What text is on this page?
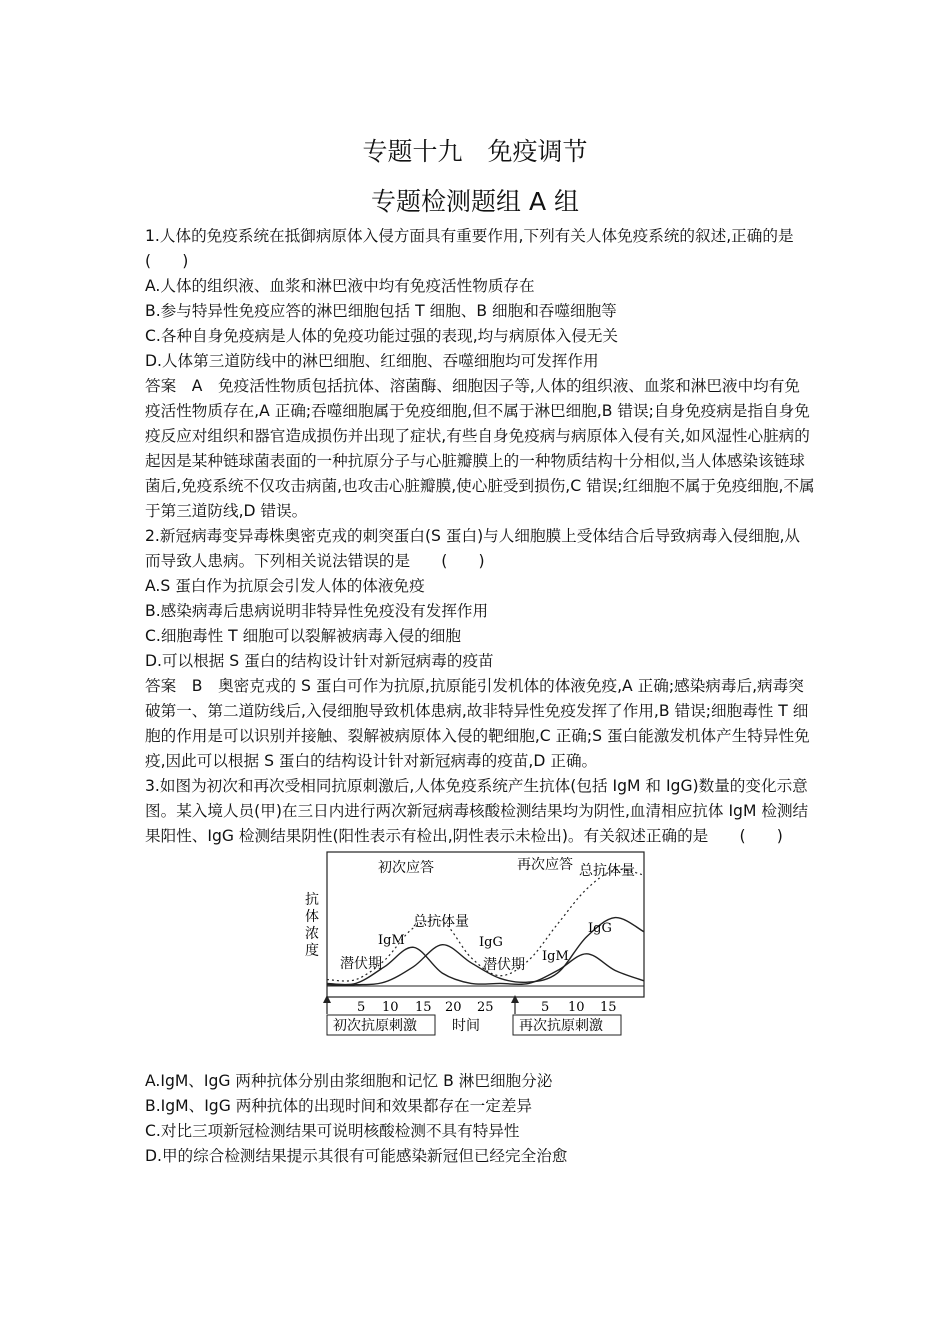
专题十九　免疫调节
专题检测题组 A 组

1.人体的免疫系统在抵御病原体入侵方面具有重要作用,下列有关人体免疫系统的叙述,正确的是　　(　　)

A.人体的组织液、血浆和淋巴液中均有免疫活性物质存在

B.参与特异性免疫应答的淋巴细胞包括 T 细胞、B 细胞和吞噬细胞等

C.各种自身免疫病是人体的免疫功能过强的表现,均与病原体入侵无关

D.人体第三道防线中的淋巴细胞、红细胞、吞噬细胞均可发挥作用

答案　A　免疫活性物质包括抗体、溶菌酶、细胞因子等,人体的组织液、血浆和淋巴液中均有免疫活性物质存在,A 正确;吞噬细胞属于免疫细胞,但不属于淋巴细胞,B 错误;自身免疫病是指自身免疫反应对组织和器官造成损伤并出现了症状,有些自身免疫病与病原体入侵有关,如风湿性心脏病的起因是某种链球菌表面的一种抗原分子与心脏瓣膜上的一种物质结构十分相似,当人体感染该链球菌后,免疫系统不仅攻击病菌,也攻击心脏瓣膜,使心脏受到损伤,C 错误;红细胞不属于免疫细胞,不属于第三道防线,D 错误。

2.新冠病毒变异毒株奥密克戎的刺突蛋白(S 蛋白)与人细胞膜上受体结合后导致病毒入侵细胞,从而导致人患病。下列相关说法错误的是　　(　　)

A.S 蛋白作为抗原会引发人体的体液免疫

B.感染病毒后患病说明非特异性免疫没有发挥作用

C.细胞毒性 T 细胞可以裂解被病毒入侵的细胞

D.可以根据 S 蛋白的结构设计针对新冠病毒的疫苗

答案　B　奥密克戎的 S 蛋白可作为抗原,抗原能引发机体的体液免疫,A 正确;感染病毒后,病毒突破第一、第二道防线后,入侵细胞导致机体患病,故非特异性免疫发挥了作用,B 错误;细胞毒性 T 细胞的作用是可以识别并接触、裂解被病原体入侵的靶细胞,C 正确;S 蛋白能激发机体产生特异性免疫,因此可以根据 S 蛋白的结构设计针对新冠病毒的疫苗,D 正确。

3.如图为初次和再次受相同抗原刺激后,人体免疫系统产生抗体(包括 IgM 和 IgG)数量的变化示意图。某入境人员(甲)在三日内进行两次新冠病毒核酸检测结果均为阴性,血清相应抗体 IgM 检测结果阳性、IgG 检测结果阴性(阳性表示有检出,阴性表示未检出)。有关叙述正确的是　　(　　)

初次应答	再次应答 总抗体量
总抗体量
IgM	IgG
潜伏期	潜伏期
IgM
IgG
抗
体
浓
度
5 10 15 20 25	5 10 15
初次抗原刺激	时间	再次抗原刺激

A.IgM、IgG 两种抗体分别由浆细胞和记忆 B 淋巴细胞分泌

B.IgM、IgG 两种抗体的出现时间和效果都存在一定差异

C.对比三项新冠检测结果可说明核酸检测不具有特异性

D.甲的综合检测结果提示其很有可能感染新冠但已经完全治愈
